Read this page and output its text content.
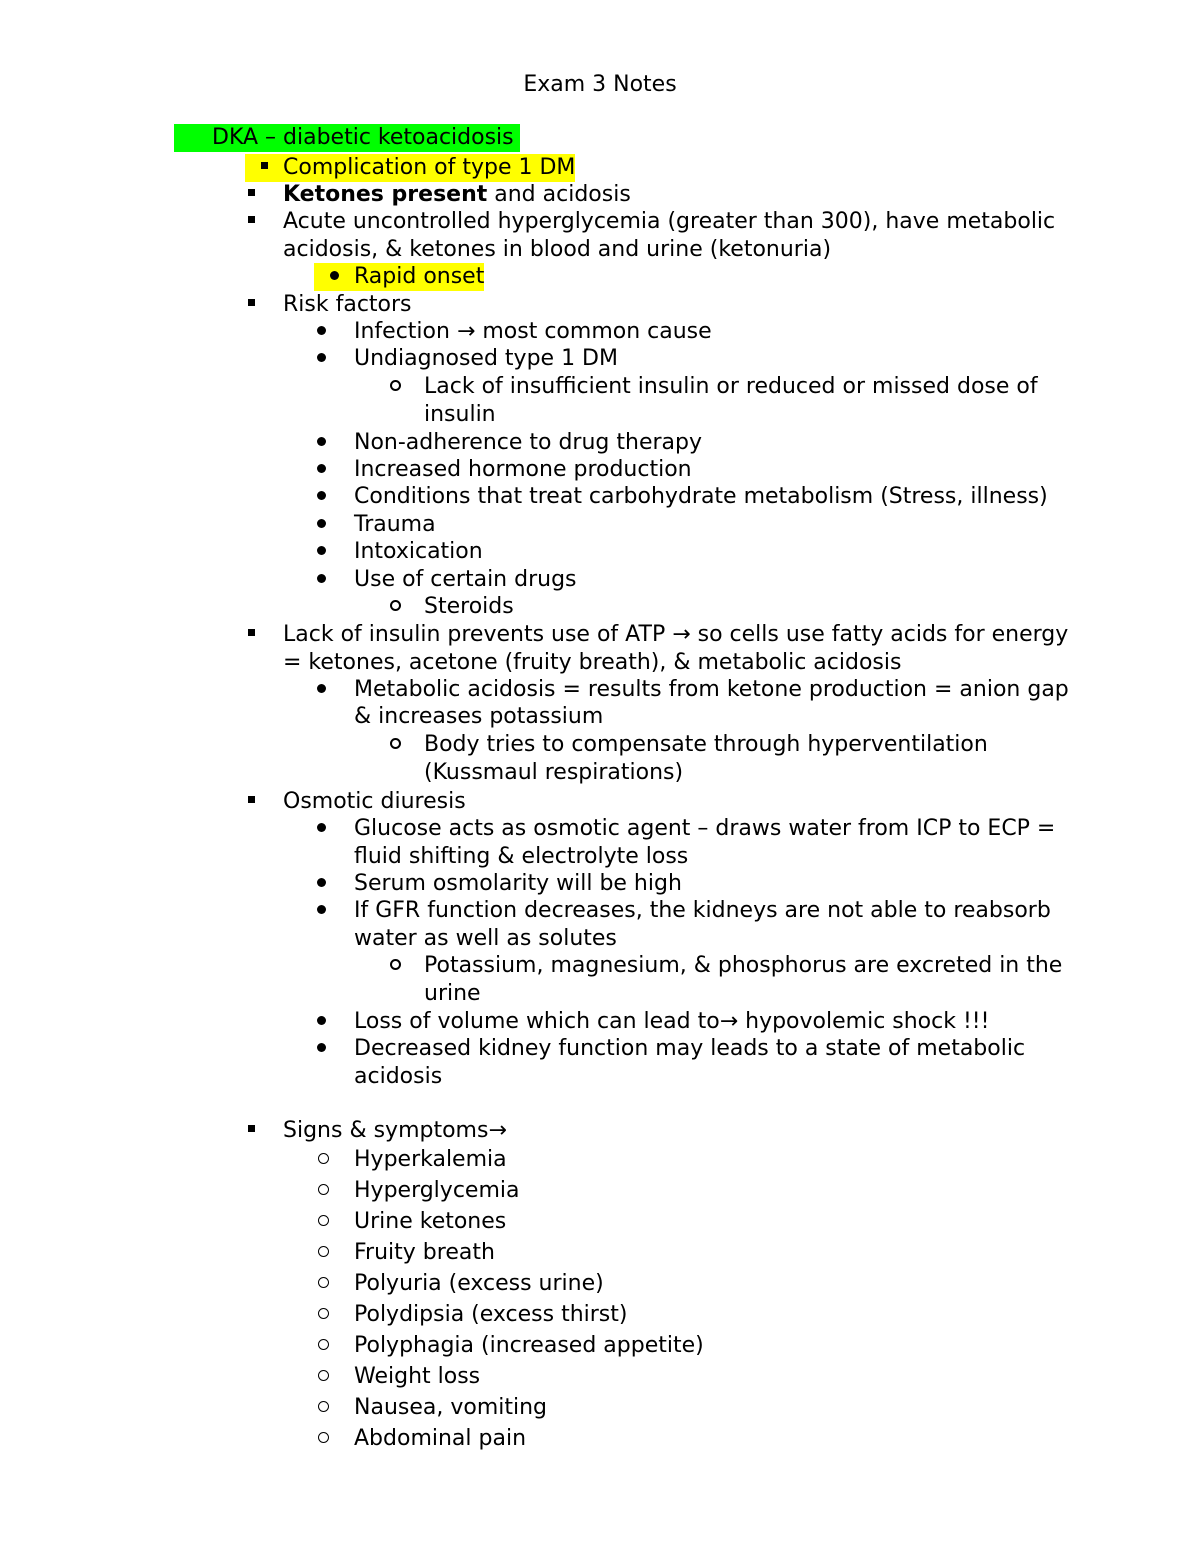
Exam 3 Notes
DKA – diabetic ketoacidosis
Complication of type 1 DM
Ketones present and acidosis
Acute uncontrolled hyperglycemia (greater than 300), have metabolic
acidosis, & ketones in blood and urine (ketonuria)
Rapid onset
Risk factors
Infection → most common cause
Undiagnosed type 1 DM
Lack of insufficient insulin or reduced or missed dose of
insulin
Non-adherence to drug therapy
Increased hormone production
Conditions that treat carbohydrate metabolism (Stress, illness)
Trauma
Intoxication
Use of certain drugs
Steroids
Lack of insulin prevents use of ATP → so cells use fatty acids for energy
= ketones, acetone (fruity breath), & metabolic acidosis
Metabolic acidosis = results from ketone production = anion gap
& increases potassium
Body tries to compensate through hyperventilation
(Kussmaul respirations)
Osmotic diuresis
Glucose acts as osmotic agent – draws water from ICP to ECP =
fluid shifting & electrolyte loss
Serum osmolarity will be high
If GFR function decreases, the kidneys are not able to reabsorb
water as well as solutes
Potassium, magnesium, & phosphorus are excreted in the
urine
Loss of volume which can lead to→ hypovolemic shock !!!
Decreased kidney function may leads to a state of metabolic
acidosis
Signs & symptoms→
Hyperkalemia
Hyperglycemia
Urine ketones
Fruity breath
Polyuria (excess urine)
Polydipsia (excess thirst)
Polyphagia (increased appetite)
Weight loss
Nausea, vomiting
Abdominal pain
